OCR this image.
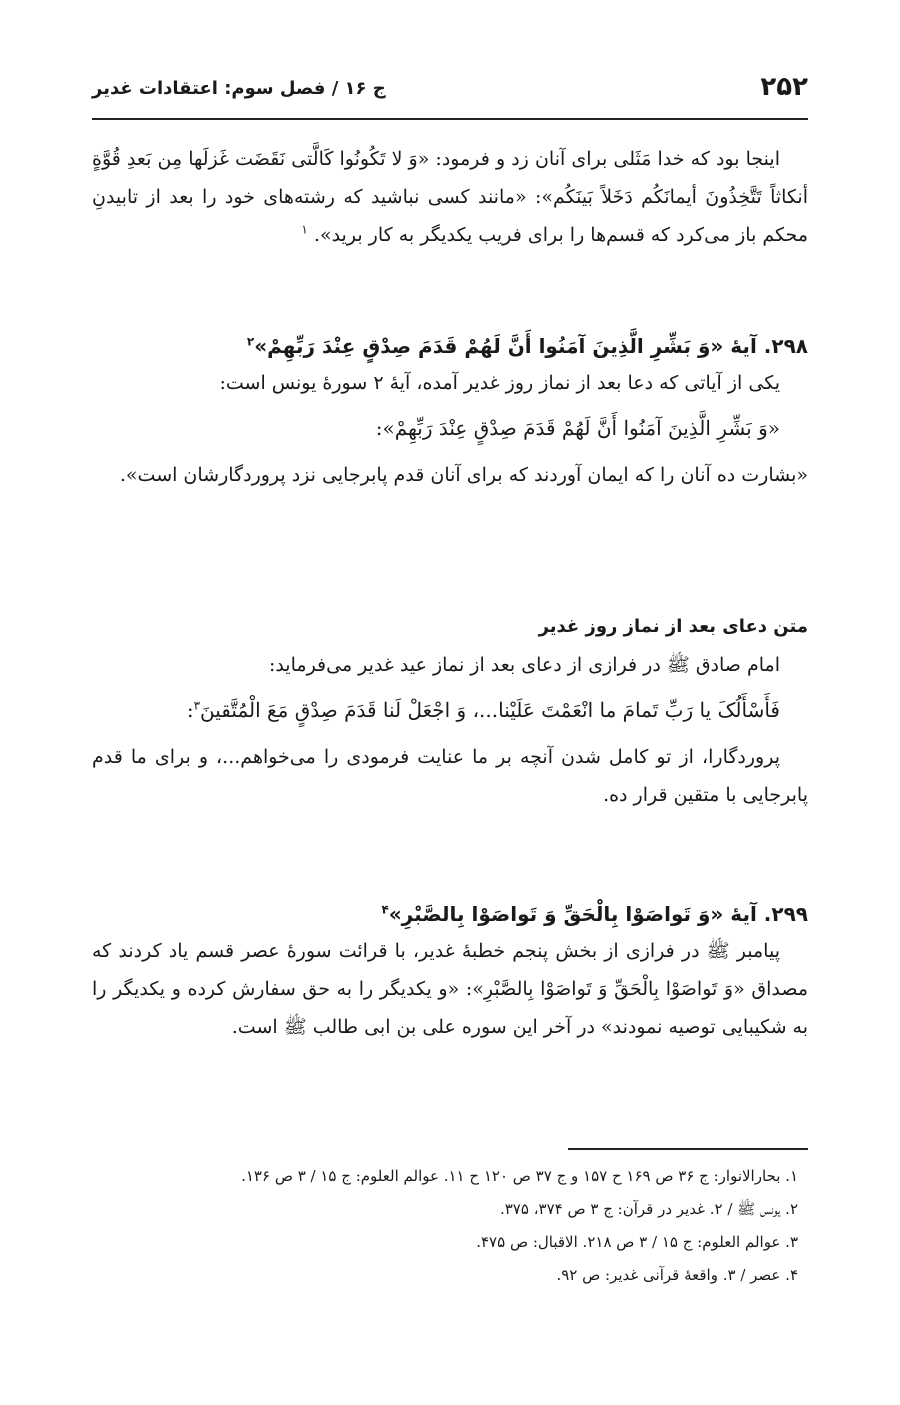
۲۵۲
ج ۱۶ / فصل سوم: اعتقادات غدیر

اینجا بود که خدا مَثَلی برای آنان زد و فرمود: «وَ لا تَکُونُوا کَالَّتی نَقَضَت غَزلَها مِن بَعدِ قُوَّةٍ أنکاثاً تَتَّخِذُونَ أیمانَکُم دَخَلاً بَینَکُم»: «مانند کسی نباشید که رشته‌های خود را بعد از تابیدنِ محکم باز می‌کرد که قسم‌ها را برای فریب یکدیگر به کار برید». $^۱$

۲۹۸. آیهٔ «وَ بَشِّرِ الَّذِینَ آمَنُوا أَنَّ لَهُمْ قَدَمَ صِدْقٍ عِنْدَ رَبِّهِمْ»$^۲$

یکی از آیاتی که دعا بعد از نماز روز غدیر آمده، آیهٔ ۲ سورهٔ یونس است:

«وَ بَشِّرِ الَّذِینَ آمَنُوا أَنَّ لَهُمْ قَدَمَ صِدْقٍ عِنْدَ رَبِّهِمْ»:

«بشارت ده آنان را که ایمان آوردند که برای آنان قدم پابرجایی نزد پروردگارشان است».

متن دعای بعد از نماز روز غدیر

امام صادق ﷺ در فرازی از دعای بعد از نماز عید غدیر می‌فرماید:

فَأَسْأَلُکَ یا رَبِّ تَمامَ ما انْعَمْتَ عَلَیْنا...، وَ اجْعَلْ لَنا قَدَمَ صِدْقٍ مَعَ الْمُتَّقینَ$^۳$:

پروردگارا، از تو کامل شدن آنچه بر ما عنایت فرمودی را می‌خواهم...، و برای ما قدم پابرجایی با متقین قرار ده.

۲۹۹. آیهٔ «وَ تَواصَوْا بِالْحَقِّ وَ تَواصَوْا بِالصَّبْرِ»$^۴$

پیامبر ﷺ در فرازی از بخش پنجم خطبهٔ غدیر، با قرائت سورهٔ عصر قسم یاد کردند که مصداق «وَ تَواصَوْا بِالْحَقِّ وَ تَواصَوْا بِالصَّبْرِ»: «و یکدیگر را به حق سفارش کرده و یکدیگر را به شکیبایی توصیه نمودند» در آخر این سوره علی بن ابی طالب ﷺ است.

۱. بحارالانوار: ج ۳۶ ص ۱۶۹ ح ۱۵۷ و ج ۳۷ ص ۱۲۰ ح ۱۱. عوالم العلوم: ج ۱۵ / ۳ ص ۱۳۶.

۲. یونس ﷺ / ۲. غدیر در قرآن: ج ۳ ص ۳۷۴، ۳۷۵.

۳. عوالم العلوم: ج ۱۵ / ۳ ص ۲۱۸. الاقبال: ص ۴۷۵.

۴. عصر / ۳. واقعهٔ قرآنی غدیر: ص ۹۲.
